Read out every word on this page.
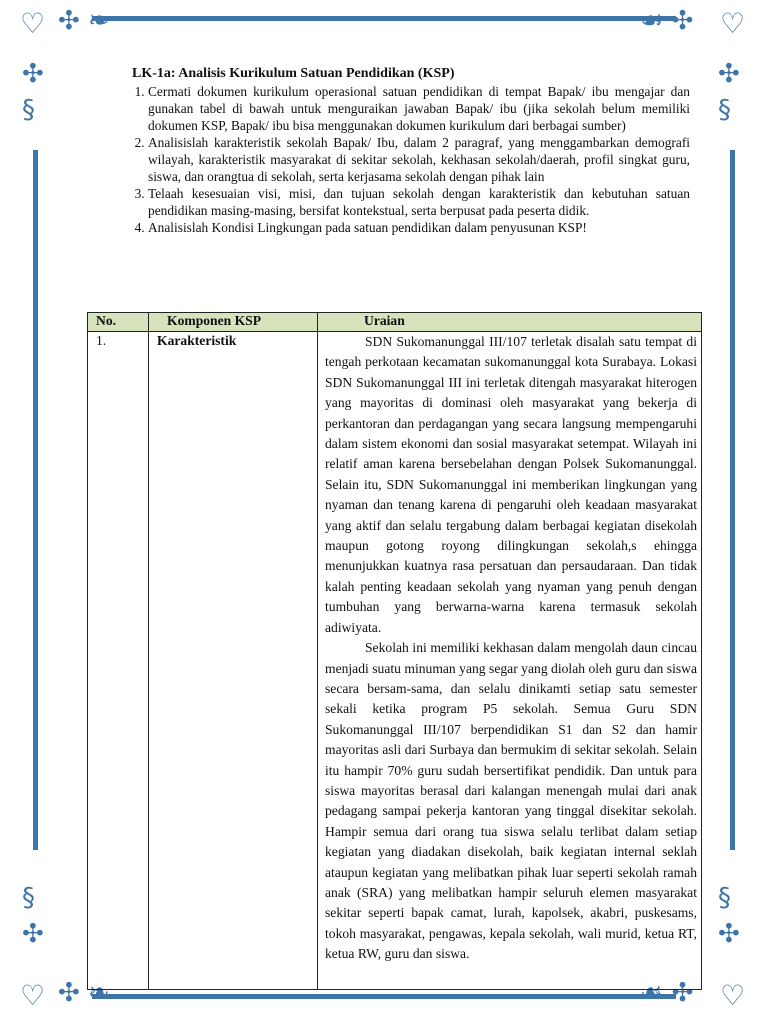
♡	♡
♡	♡
✣ ❧	☙ ✣
✣ ❧	☙ ✣
✣
§
✣
§
§
✣
§
✣
LK-1a: Analisis Kurikulum Satuan Pendidikan (KSP)
1. Cermati dokumen kurikulum operasional satuan pendidikan di tempat Bapak/ ibu mengajar dan gunakan tabel di bawah untuk menguraikan jawaban Bapak/ ibu (jika sekolah belum memiliki dokumen KSP, Bapak/ ibu bisa menggunakan dokumen kurikulum dari berbagai sumber)
2. Analisislah karakteristik sekolah Bapak/ Ibu, dalam 2 paragraf, yang menggambarkan demografi wilayah, karakteristik masyarakat di sekitar sekolah, kekhasan sekolah/daerah, profil singkat guru, siswa, dan orangtua di sekolah, serta kerjasama sekolah dengan pihak lain
3. Telaah kesesuaian visi, misi, dan tujuan sekolah dengan karakteristik dan kebutuhan satuan pendidikan masing-masing, bersifat kontekstual, serta berpusat pada peserta didik.
4. Analisislah Kondisi Lingkungan pada satuan pendidikan dalam penyusunan KSP!
No.	Komponen KSP	Uraian
1.	Karakteristik	SDN Sukomanunggal III/107 terletak disalah satu tempat di tengah perkotaan kecamatan sukomanunggal kota Surabaya. Lokasi SDN Sukomanunggal III ini terletak ditengah masyarakat hiterogen yang mayoritas di dominasi oleh masyarakat yang bekerja di perkantoran dan perdagangan yang secara langsung mempengaruhi dalam sistem ekonomi dan sosial masyarakat setempat. Wilayah ini relatif aman karena bersebelahan dengan Polsek Sukomanunggal. Selain itu, SDN Sukomanunggal ini memberikan lingkungan yang nyaman dan tenang karena di pengaruhi oleh keadaan masyarakat yang aktif dan selalu tergabung dalam berbagai kegiatan disekolah maupun gotong royong dilingkungan sekolah,s ehingga menunjukkan kuatnya rasa persatuan dan persaudaraan. Dan tidak kalah penting keadaan sekolah yang nyaman yang penuh dengan tumbuhan yang berwarna-warna karena termasuk sekolah adiwiyata.

Sekolah ini memiliki kekhasan dalam mengolah daun cincau menjadi suatu minuman yang segar yang diolah oleh guru dan siswa secara bersam-sama, dan selalu dinikamti setiap satu semester sekali ketika program P5 sekolah. Semua Guru SDN Sukomanunggal III/107 berpendidikan S1 dan S2 dan hamir mayoritas asli dari Surbaya dan bermukim di sekitar sekolah. Selain itu hampir 70% guru sudah bersertifikat pendidik. Dan untuk para siswa mayoritas berasal dari kalangan menengah mulai dari anak pedagang sampai pekerja kantoran yang tinggal disekitar sekolah. Hampir semua dari orang tua siswa selalu terlibat dalam setiap kegiatan yang diadakan disekolah, baik kegiatan internal seklah ataupun kegiatan yang melibatkan pihak luar seperti sekolah ramah anak (SRA) yang melibatkan hampir seluruh elemen masyarakat sekitar seperti bapak camat, lurah, kapolsek, akabri, puskesams, tokoh masyarakat, pengawas, kepala sekolah, wali murid, ketua RT, ketua RW, guru dan siswa.
